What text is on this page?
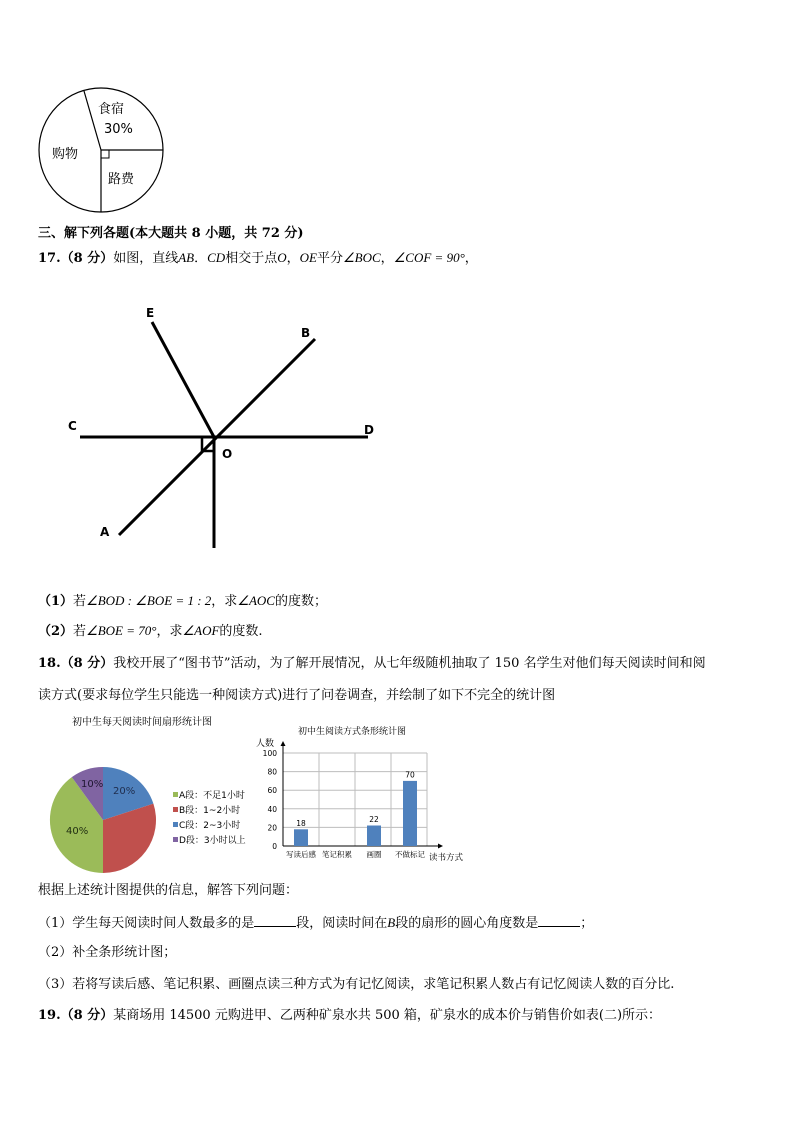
食宿
30%
购物
路费
三、解下列各题(本大题共 8 小题，共 72 分)
17.（8 分）如图，直线AB．CD相交于点O，OE平分∠BOC，∠COF = 90°，
E
B
C	D
O
A
（1）若∠BOD : ∠BOE = 1 : 2，求∠AOC的度数；
（2）若∠BOE = 70°，求∠AOF的度数.
18.（8 分）我校开展了“图书节”活动，为了解开展情况，从七年级随机抽取了 150 名学生对他们每天阅读时间和阅
读方式(要求每位学生只能选一种阅读方式)进行了问卷调查，并绘制了如下不完全的统计图
初中生每天阅读时间扇形统计图
20%
40%
10%
A段：不足1小时
B段：1~2小时
C段：2~3小时
D段：3小时以上
初中生阅读方式条形统计图
人数
100
80
60
40
20
0
18	22
70
写读后感 笔记积累 画圈 不做标记 读书方式
根据上述统计图提供的信息，解答下列问题：
（1）学生每天阅读时间人数最多的是	段，阅读时间在B段的扇形的圆心角度数是	；
（2）补全条形统计图；
（3）若将写读后感、笔记积累、画圈点读三种方式为有记忆阅读，求笔记积累人数占有记忆阅读人数的百分比.
19.（8 分）某商场用 14500 元购进甲、乙两种矿泉水共 500 箱，矿泉水的成本价与销售价如表(二)所示：
